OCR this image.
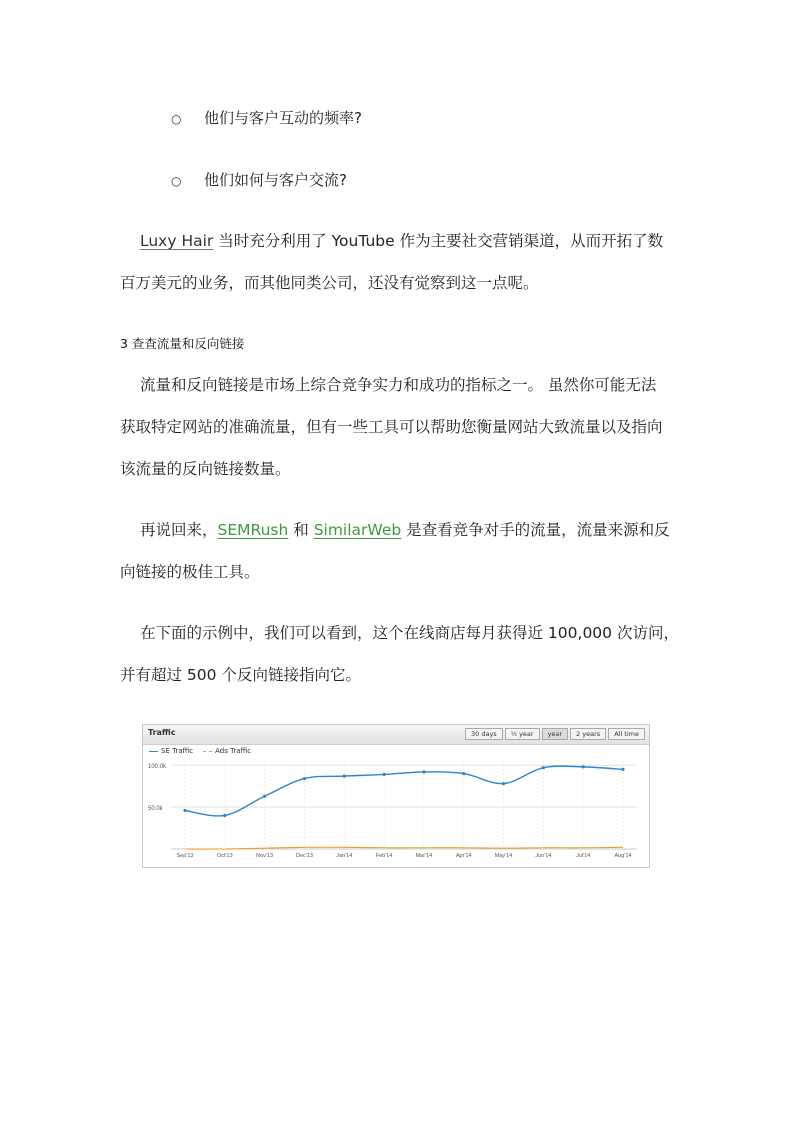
○ 他们与客户互动的频率?
○ 他们如何与客户交流?
Luxy Hair 当时充分利用了 YouTube 作为主要社交营销渠道，从而开拓了数
百万美元的业务，而其他同类公司，还没有觉察到这一点呢。
3 查查流量和反向链接
流量和反向链接是市场上综合竞争实力和成功的指标之一。 虽然你可能无法
获取特定网站的准确流量，但有一些工具可以帮助您衡量网站大致流量以及指向
该流量的反向链接数量。
再说回来，SEMRush 和 SimilarWeb 是查看竞争对手的流量，流量来源和反
向链接的极佳工具。
在下面的示例中，我们可以看到，这个在线商店每月获得近 100,000 次访问，
并有超过 500 个反向链接指向它。
Traffic	30 days	½ year	year	2 years	All time
SE Traffic	Ads Traffic
100.0k
50.0k
Sep'13	Oct'13	Nov'13	Dec'13	Jan'14	Feb'14	Mar'14	Apr'14	May'14	Jun'14	Jul'14	Aug'14
